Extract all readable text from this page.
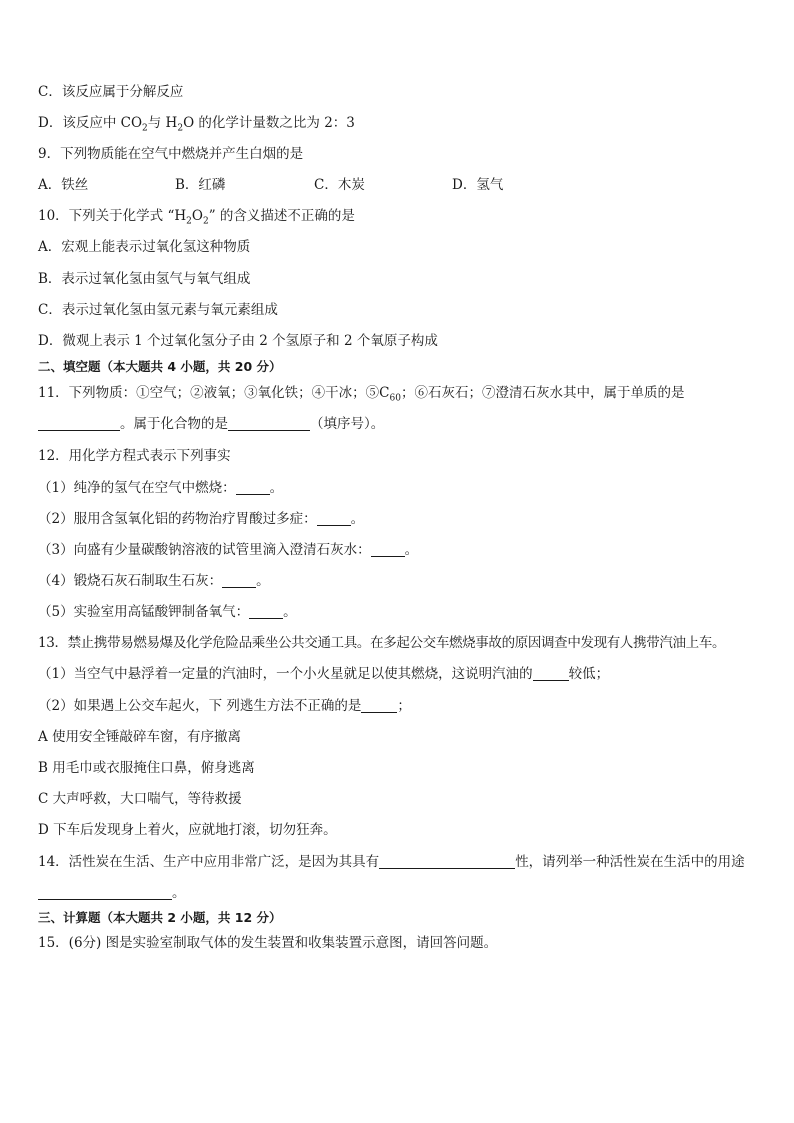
C．该反应属于分解反应
D．该反应中 $CO_2$与 $H_2O$ 的化学计量数之比为 2：3
9．下列物质能在空气中燃烧并产生白烟的是
A．铁丝	B．红磷	C．木炭	D．氢气
10．下列关于化学式 “$H_2O_2$” 的含义描述不正确的是
A．宏观上能表示过氧化氢这种物质
B．表示过氧化氢由氢气与氧气组成
C．表示过氧化氢由氢元素与氧元素组成
D．微观上表示 1 个过氧化氢分子由 2 个氢原子和 2 个氧原子构成
二、填空题（本大题共 4 小题，共 20 分）
11．下列物质：①空气；②液氧；③氧化铁；④干冰；$⑤C_{60}$；⑥石灰石；⑦澄清石灰水其中，属于单质的是
。属于化合物的是	（填序号）。
12．用化学方程式表示下列事实
（1）纯净的氢气在空气中燃烧：	。
（2）服用含氢氧化铝的药物治疗胃酸过多症：	。
（3）向盛有少量碳酸钠溶液的试管里滴入澄清石灰水：	。
（4）锻烧石灰石制取生石灰：	。
（5）实验室用高锰酸钾制备氧气：	。
13．禁止携带易燃易爆及化学危险品乘坐公共交通工具。在多起公交车燃烧事故的原因调查中发现有人携带汽油上车。
（1）当空气中悬浮着一定量的汽油时，一个小火星就足以使其燃烧，这说明汽油的	较低；
（2）如果遇上公交车起火，下 列逃生方法不正确的是	；
A 使用安全锤敲碎车窗，有序撤离
B 用毛巾或衣服掩住口鼻，俯身逃离
C 大声呼救，大口喘气，等待救援
D 下车后发现身上着火，应就地打滚，切勿狂奔。
14．活性炭在生活、生产中应用非常广泛，是因为其具有	性，请列举一种活性炭在生活中的用途
。
三、计算题（本大题共 2 小题，共 12 分）
15．(6分) 图是实验室制取气体的发生装置和收集装置示意图，请回答问题。
